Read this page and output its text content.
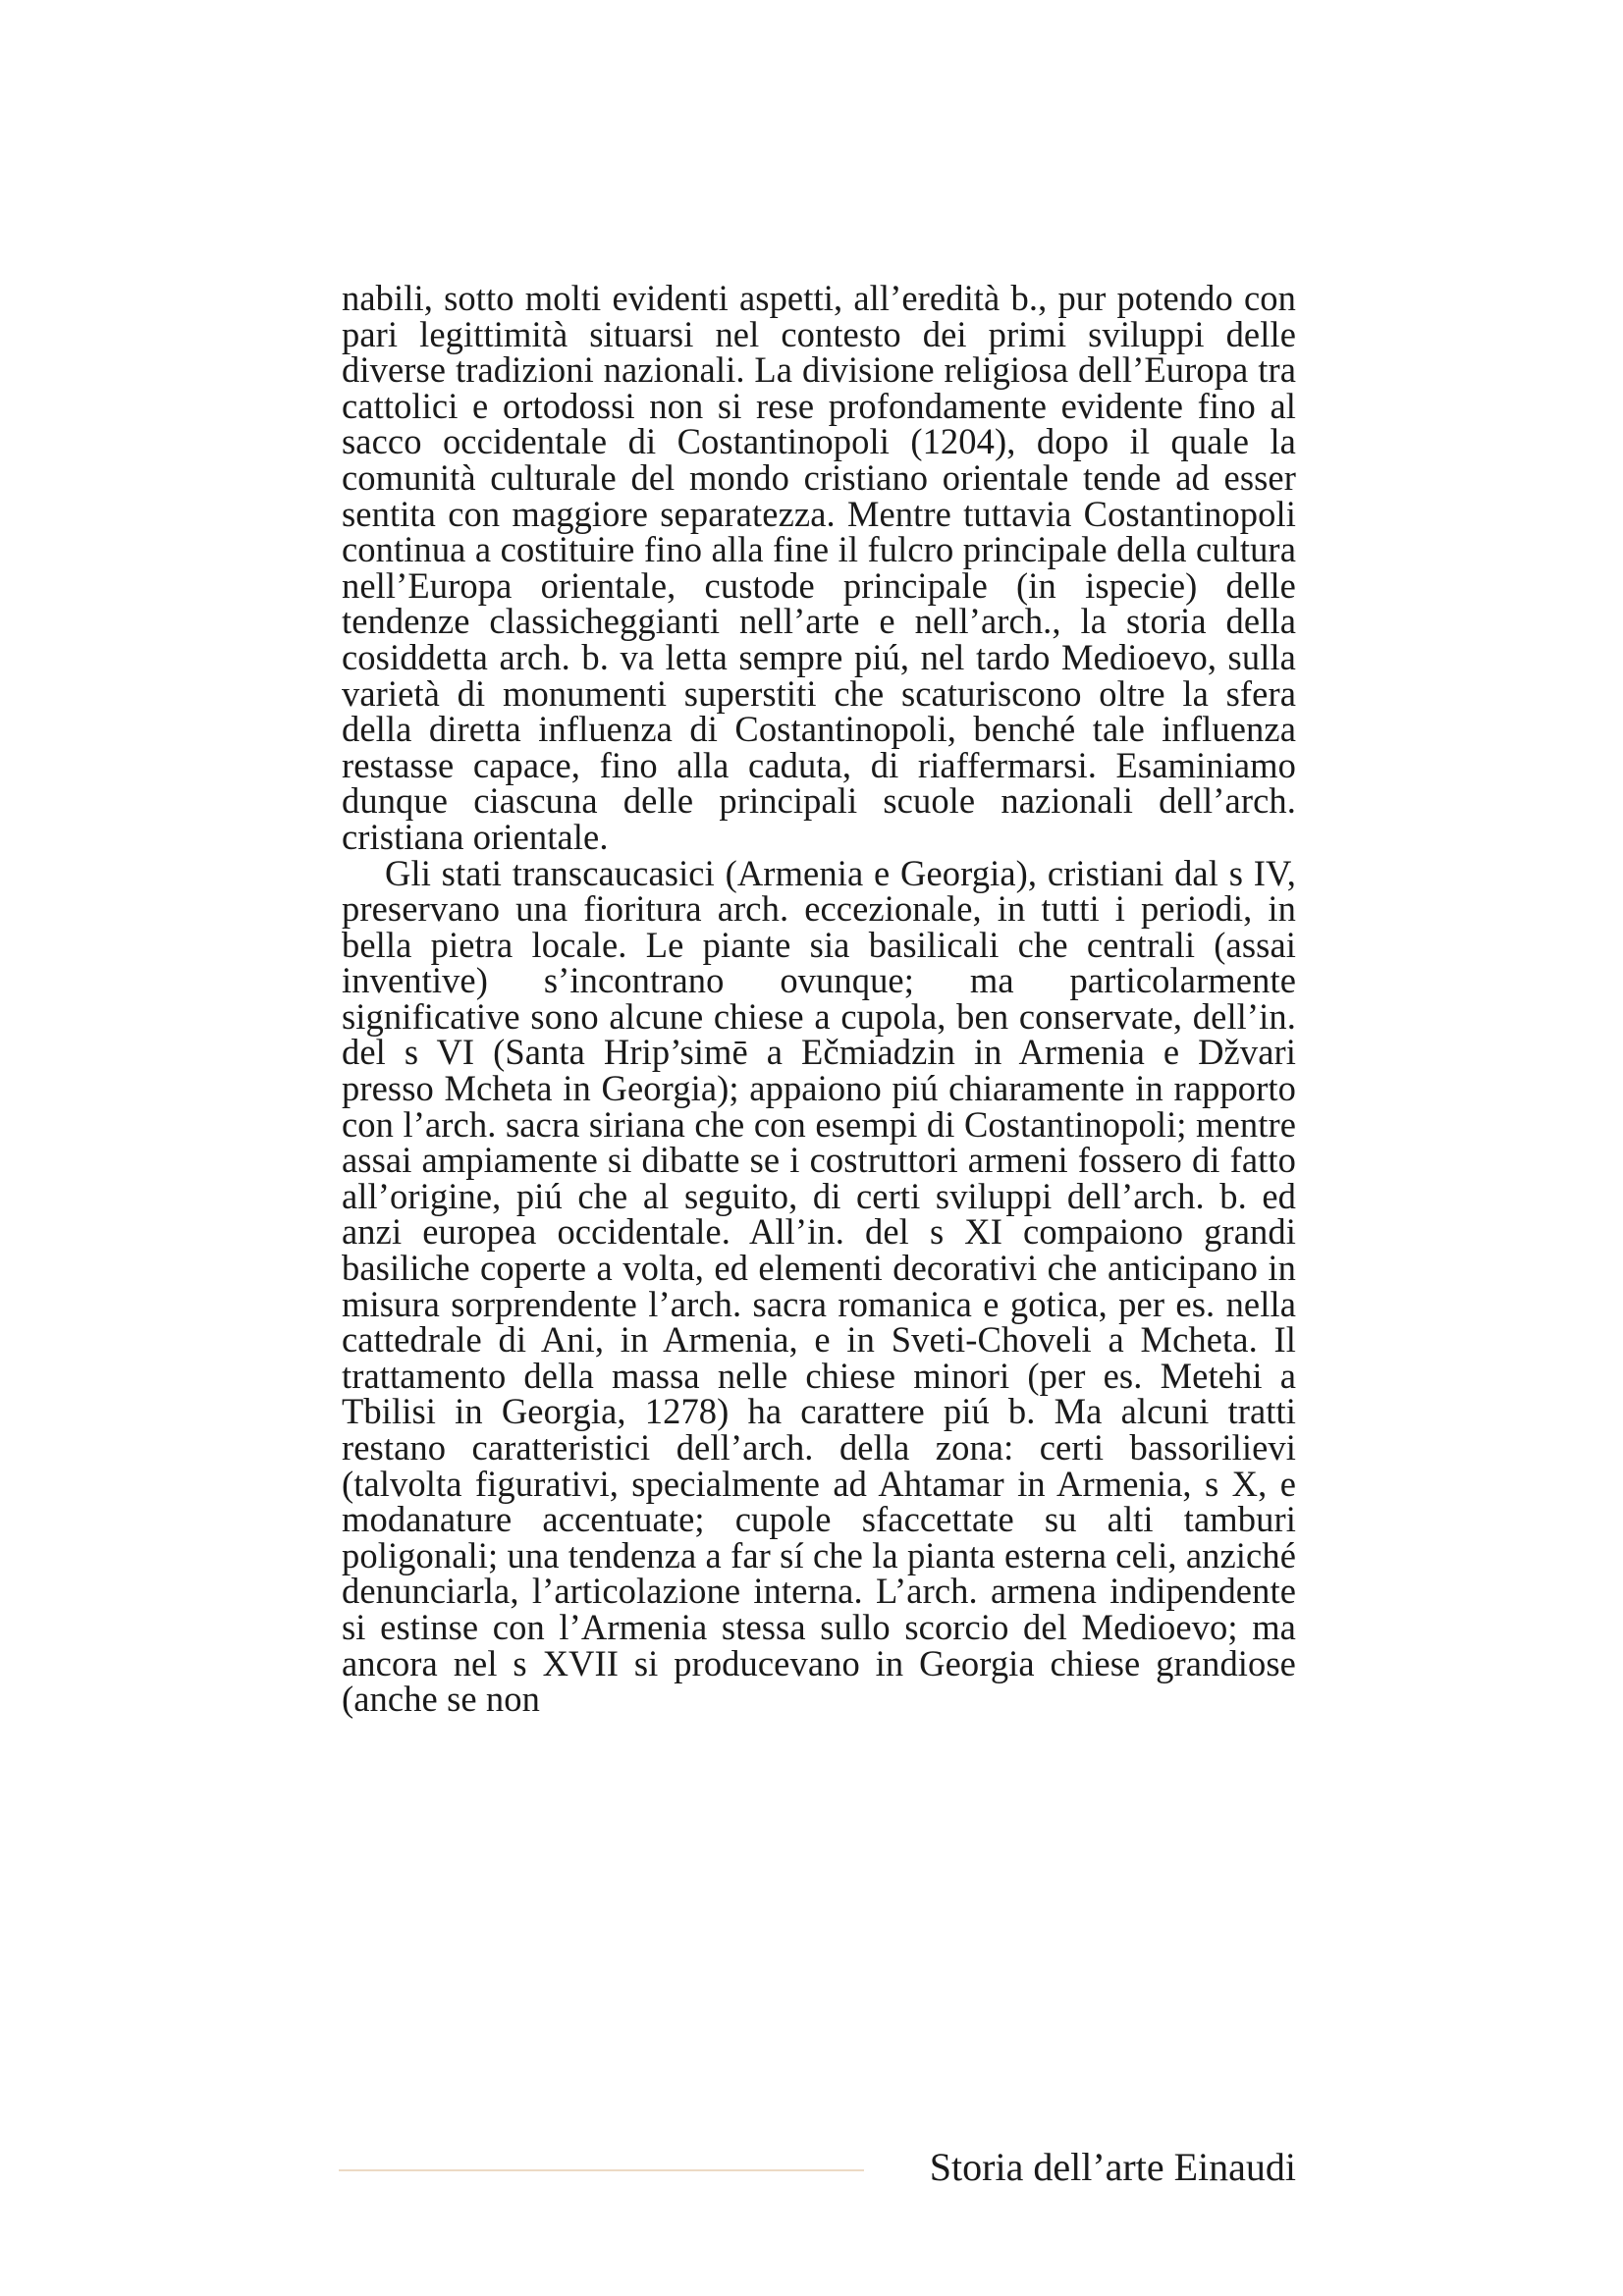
nabili, sotto molti evidenti aspetti, all’eredità b., pur potendo con pari legittimità situarsi nel contesto dei primi sviluppi delle diverse tradizioni nazionali. La divisione religiosa dell’Europa tra cattolici e ortodossi non si rese profondamente evidente fino al sacco occidentale di Costantinopoli (1204), dopo il quale la comunità culturale del mondo cristiano orientale tende ad esser sentita con maggiore separatezza. Mentre tuttavia Costantinopoli continua a costituire fino alla fine il fulcro principale della cultura nell’Europa orientale, custode principale (in ispecie) delle tendenze classicheggianti nell’arte e nell’arch., la storia della cosiddetta arch. b. va letta sempre piú, nel tardo Medioevo, sulla varietà di monumenti superstiti che scaturiscono oltre la sfera della diretta influenza di Costantinopoli, benché tale influenza restasse capace, fino alla caduta, di riaffermarsi. Esaminiamo dunque ciascuna delle principali scuole nazionali dell’arch. cristiana orientale.

Gli stati transcaucasici (Armenia e Georgia), cristiani dal s IV, preservano una fioritura arch. eccezionale, in tutti i periodi, in bella pietra locale. Le piante sia basilicali che centrali (assai inventive) s’incontrano ovunque; ma particolarmente significative sono alcune chiese a cupola, ben conservate, dell’in. del s VI (Santa Hrip’simē a Ečmiadzin in Armenia e Džvari presso Mcheta in Georgia); appaiono piú chiaramente in rapporto con l’arch. sacra siriana che con esempi di Costantinopoli; mentre assai ampiamente si dibatte se i costruttori armeni fossero di fatto all’origine, piú che al seguito, di certi sviluppi dell’arch. b. ed anzi europea occidentale. All’in. del s XI compaiono grandi basiliche coperte a volta, ed elementi decorativi che anticipano in misura sorprendente l’arch. sacra romanica e gotica, per es. nella cattedrale di Ani, in Armenia, e in Sveti-Choveli a Mcheta. Il trattamento della massa nelle chiese minori (per es. Metehi a Tbilisi in Georgia, 1278) ha carattere piú b. Ma alcuni tratti restano caratteristici dell’arch. della zona: certi bassorilievi (talvolta figurativi, specialmente ad Ahtamar in Armenia, s X, e modanature accentuate; cupole sfaccettate su alti tamburi poligonali; una tendenza a far sí che la pianta esterna celi, anziché denunciarla, l’articolazione interna. L’arch. armena indipendente si estinse con l’Armenia stessa sullo scorcio del Medioevo; ma ancora nel s XVII si producevano in Georgia chiese grandiose (anche se non

Storia dell’arte Einaudi
